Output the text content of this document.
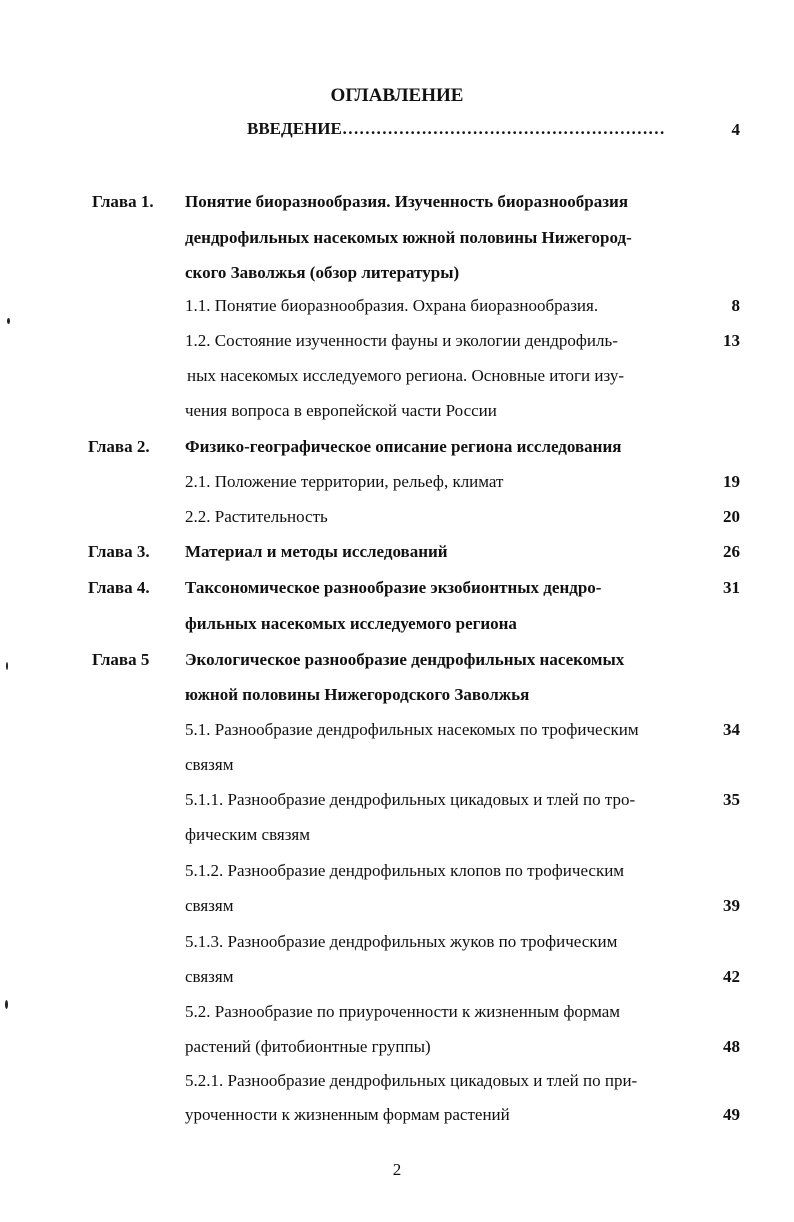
ОГЛАВЛЕНИЕ
ВВЕДЕНИЕ…………………………………………………	4
Глава 1. Понятие биоразнообразия. Изученность биоразнообразия
дендрофильных насекомых южной половины Нижегород-
ского Заволжья (обзор литературы)
1.1. Понятие биоразнообразия. Охрана биоразнообразия.	8
1.2. Состояние изученности фауны и экологии дендрофиль-	13
ных насекомых исследуемого региона. Основные итоги изу-
чения вопроса в европейской части России
Глава 2. Физико-географическое описание региона исследования
2.1. Положение территории, рельеф, климат	19
2.2. Растительность	20
Глава 3. Материал и методы исследований	26
Глава 4. Таксономическое разнообразие экзобионтных дендро-	31
фильных насекомых исследуемого региона
Глава 5 Экологическое разнообразие дендрофильных насекомых
южной половины Нижегородского Заволжья
5.1. Разнообразие дендрофильных насекомых по трофическим	34
связям
5.1.1. Разнообразие дендрофильных цикадовых и тлей по тро-	35
фическим связям
5.1.2. Разнообразие дендрофильных клопов по трофическим
связям	39
5.1.3. Разнообразие дендрофильных жуков по трофическим
связям	42
5.2. Разнообразие по приуроченности к жизненным формам
растений (фитобионтные группы)	48
5.2.1. Разнообразие дендрофильных цикадовых и тлей по при-
уроченности к жизненным формам растений	49
2
